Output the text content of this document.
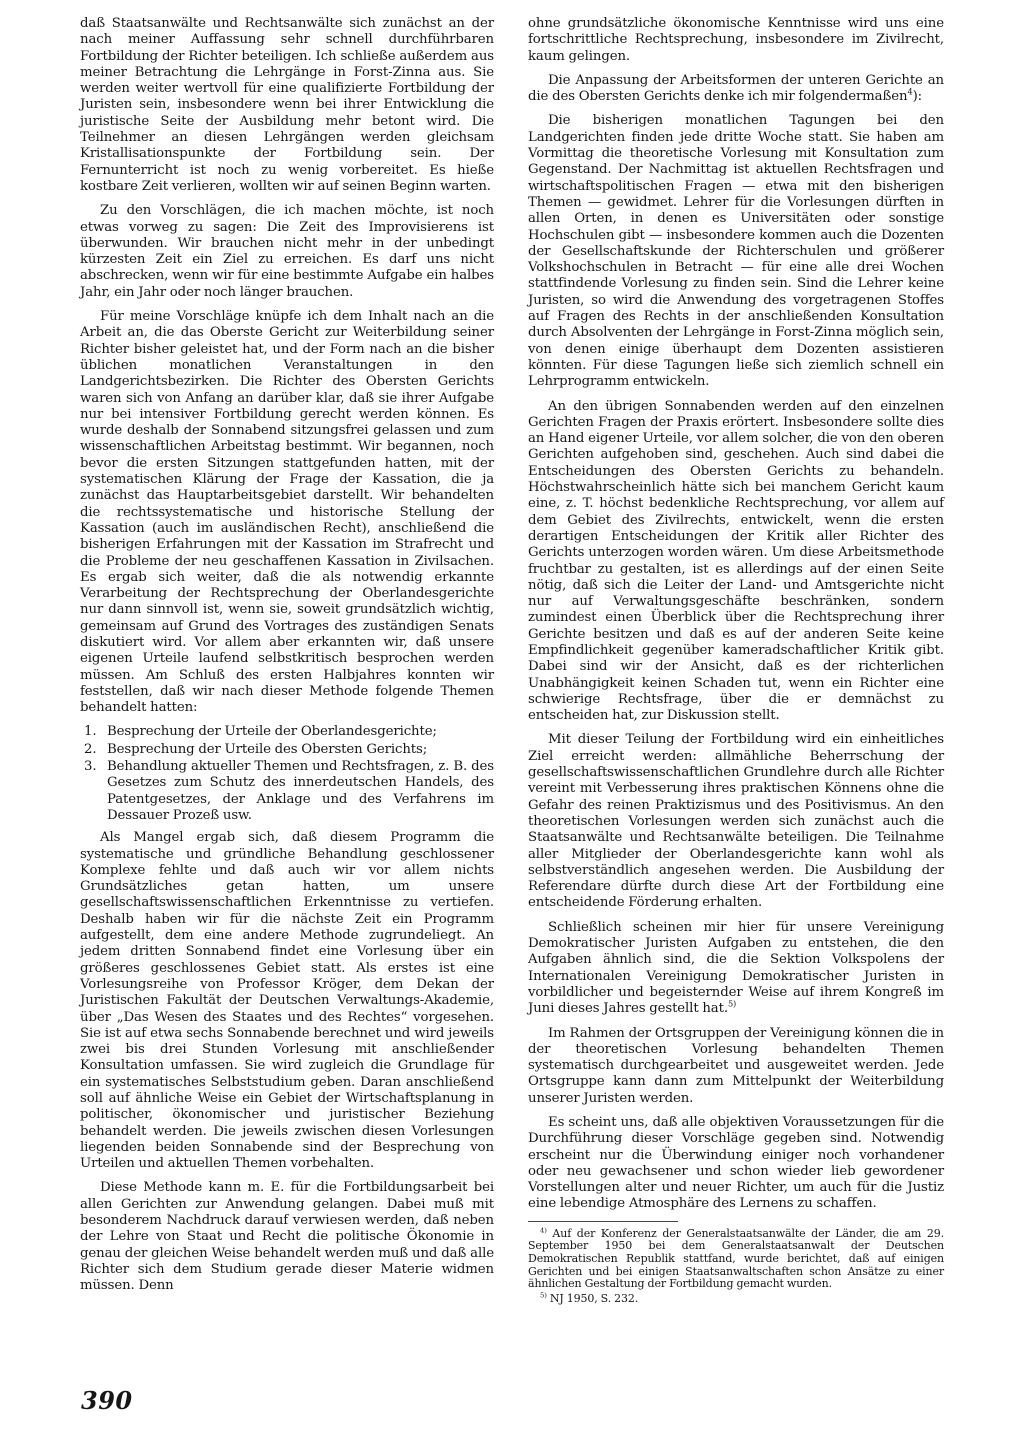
daß Staatsanwälte und Rechtsanwälte sich zunächst an der nach meiner Auffassung sehr schnell durchführbaren Fortbildung der Richter beteiligen. Ich schließe außerdem aus meiner Betrachtung die Lehrgänge in Forst-Zinna aus. Sie werden weiter wertvoll für eine qualifizierte Fortbildung der Juristen sein, insbesondere wenn bei ihrer Entwicklung die juristische Seite der Ausbildung mehr betont wird. Die Teilnehmer an diesen Lehrgängen werden gleichsam Kristallisationspunkte der Fortbildung sein. Der Fernunterricht ist noch zu wenig vorbereitet. Es hieße kostbare Zeit verlieren, wollten wir auf seinen Beginn warten.

Zu den Vorschlägen, die ich machen möchte, ist noch etwas vorweg zu sagen: Die Zeit des Improvisierens ist überwunden. Wir brauchen nicht mehr in der unbedingt kürzesten Zeit ein Ziel zu erreichen. Es darf uns nicht abschrecken, wenn wir für eine bestimmte Aufgabe ein halbes Jahr, ein Jahr oder noch länger brauchen.

Für meine Vorschläge knüpfe ich dem Inhalt nach an die Arbeit an, die das Oberste Gericht zur Weiterbildung seiner Richter bisher geleistet hat, und der Form nach an die bisher üblichen monatlichen Veranstaltungen in den Landgerichtsbezirken. Die Richter des Obersten Gerichts waren sich von Anfang an darüber klar, daß sie ihrer Aufgabe nur bei intensiver Fortbildung gerecht werden können. Es wurde deshalb der Sonnabend sitzungsfrei gelassen und zum wissenschaftlichen Arbeitstag bestimmt. Wir begannen, noch bevor die ersten Sitzungen stattgefunden hatten, mit der systematischen Klärung der Frage der Kassation, die ja zunächst das Hauptarbeitsgebiet darstellt. Wir behandelten die rechtssystematische und historische Stellung der Kassation (auch im ausländischen Recht), anschließend die bisherigen Erfahrungen mit der Kassation im Strafrecht und die Probleme der neu geschaffenen Kassation in Zivilsachen. Es ergab sich weiter, daß die als notwendig erkannte Verarbeitung der Rechtsprechung der Oberlandesgerichte nur dann sinnvoll ist, wenn sie, soweit grundsätzlich wichtig, gemeinsam auf Grund des Vortrages des zuständigen Senats diskutiert wird. Vor allem aber erkannten wir, daß unsere eigenen Urteile laufend selbstkritisch besprochen werden müssen. Am Schluß des ersten Halbjahres konnten wir feststellen, daß wir nach dieser Methode folgende Themen behandelt hatten:

1. Besprechung der Urteile der Oberlandesgerichte;
2. Besprechung der Urteile des Obersten Gerichts;
3. Behandlung aktueller Themen und Rechtsfragen, z. B. des Gesetzes zum Schutz des innerdeutschen Handels, des Patentgesetzes, der Anklage und des Verfahrens im Dessauer Prozeß usw.

Als Mangel ergab sich, daß diesem Programm die systematische und gründliche Behandlung geschlossener Komplexe fehlte und daß auch wir vor allem nichts Grundsätzliches getan hatten, um unsere gesellschaftswissenschaftlichen Erkenntnisse zu vertiefen. Deshalb haben wir für die nächste Zeit ein Programm aufgestellt, dem eine andere Methode zugrundeliegt. An jedem dritten Sonnabend findet eine Vorlesung über ein größeres geschlossenes Gebiet statt. Als erstes ist eine Vorlesungsreihe von Professor Kröger, dem Dekan der Juristischen Fakultät der Deutschen Verwaltungs-Akademie, über „Das Wesen des Staates und des Rechtes“ vorgesehen. Sie ist auf etwa sechs Sonnabende berechnet und wird jeweils zwei bis drei Stunden Vorlesung mit anschließender Konsultation umfassen. Sie wird zugleich die Grundlage für ein systematisches Selbststudium geben. Daran anschließend soll auf ähnliche Weise ein Gebiet der Wirtschaftsplanung in politischer, ökonomischer und juristischer Beziehung behandelt werden. Die jeweils zwischen diesen Vorlesungen liegenden beiden Sonnabende sind der Besprechung von Urteilen und aktuellen Themen vorbehalten.

Diese Methode kann m. E. für die Fortbildungsarbeit bei allen Gerichten zur Anwendung gelangen. Dabei muß mit besonderem Nachdruck darauf verwiesen werden, daß neben der Lehre von Staat und Recht die politische Ökonomie in genau der gleichen Weise behandelt werden muß und daß alle Richter sich dem Studium gerade dieser Materie widmen müssen. Denn

ohne grundsätzliche ökonomische Kenntnisse wird uns eine fortschrittliche Rechtsprechung, insbesondere im Zivilrecht, kaum gelingen.

Die Anpassung der Arbeitsformen der unteren Gerichte an die des Obersten Gerichts denke ich mir folgendermaßen$^4$):

Die bisherigen monatlichen Tagungen bei den Landgerichten finden jede dritte Woche statt. Sie haben am Vormittag die theoretische Vorlesung mit Konsultation zum Gegenstand. Der Nachmittag ist aktuellen Rechtsfragen und wirtschaftspolitischen Fragen — etwa mit den bisherigen Themen — gewidmet. Lehrer für die Vorlesungen dürften in allen Orten, in denen es Universitäten oder sonstige Hochschulen gibt — insbesondere kommen auch die Dozenten der Gesellschaftskunde der Richterschulen und größerer Volkshochschulen in Betracht — für eine alle drei Wochen stattfindende Vorlesung zu finden sein. Sind die Lehrer keine Juristen, so wird die Anwendung des vorgetragenen Stoffes auf Fragen des Rechts in der anschließenden Konsultation durch Absolventen der Lehrgänge in Forst-Zinna möglich sein, von denen einige überhaupt dem Dozenten assistieren könnten. Für diese Tagungen ließe sich ziemlich schnell ein Lehrprogramm entwickeln.

An den übrigen Sonnabenden werden auf den einzelnen Gerichten Fragen der Praxis erörtert. Insbesondere sollte dies an Hand eigener Urteile, vor allem solcher, die von den oberen Gerichten aufgehoben sind, geschehen. Auch sind dabei die Entscheidungen des Obersten Gerichts zu behandeln. Höchstwahrscheinlich hätte sich bei manchem Gericht kaum eine, z. T. höchst bedenkliche Rechtsprechung, vor allem auf dem Gebiet des Zivilrechts, entwickelt, wenn die ersten derartigen Entscheidungen der Kritik aller Richter des Gerichts unterzogen worden wären. Um diese Arbeitsmethode fruchtbar zu gestalten, ist es allerdings auf der einen Seite nötig, daß sich die Leiter der Land- und Amtsgerichte nicht nur auf Verwaltungsgeschäfte beschränken, sondern zumindest einen Überblick über die Rechtsprechung ihrer Gerichte besitzen und daß es auf der anderen Seite keine Empfindlichkeit gegenüber kameradschaftlicher Kritik gibt. Dabei sind wir der Ansicht, daß es der richterlichen Unabhängigkeit keinen Schaden tut, wenn ein Richter eine schwierige Rechtsfrage, über die er demnächst zu entscheiden hat, zur Diskussion stellt.

Mit dieser Teilung der Fortbildung wird ein einheitliches Ziel erreicht werden: allmähliche Beherrschung der gesellschaftswissenschaftlichen Grundlehre durch alle Richter vereint mit Verbesserung ihres praktischen Könnens ohne die Gefahr des reinen Praktizismus und des Positivismus. An den theoretischen Vorlesungen werden sich zunächst auch die Staatsanwälte und Rechtsanwälte beteiligen. Die Teilnahme aller Mitglieder der Oberlandesgerichte kann wohl als selbstverständlich angesehen werden. Die Ausbildung der Referendare dürfte durch diese Art der Fortbildung eine entscheidende Förderung erhalten.

Schließlich scheinen mir hier für unsere Vereinigung Demokratischer Juristen Aufgaben zu entstehen, die den Aufgaben ähnlich sind, die die Sektion Volkspolens der Internationalen Vereinigung Demokratischer Juristen in vorbildlicher und begeisternder Weise auf ihrem Kongreß im Juni dieses Jahres gestellt hat.$^{5)}$

Im Rahmen der Ortsgruppen der Vereinigung können die in der theoretischen Vorlesung behandelten Themen systematisch durchgearbeitet und ausgeweitet werden. Jede Ortsgruppe kann dann zum Mittelpunkt der Weiterbildung unserer Juristen werden.

Es scheint uns, daß alle objektiven Voraussetzungen für die Durchführung dieser Vorschläge gegeben sind. Notwendig erscheint nur die Überwindung einiger noch vorhandener oder neu gewachsener und schon wieder lieb gewordener Vorstellungen alter und neuer Richter, um auch für die Justiz eine lebendige Atmosphäre des Lernens zu schaffen.

$^{4)}$ Auf der Konferenz der Generalstaatsanwälte der Länder, die am 29. September 1950 bei dem Generalstaatsanwalt der Deutschen Demokratischen Republik stattfand, wurde berichtet, daß auf einigen Gerichten und bei einigen Staatsanwaltschaften schon Ansätze zu einer ähnlichen Gestaltung der Fortbildung gemacht wurden.

$^{5)}$ NJ 1950, S. 232.

390
